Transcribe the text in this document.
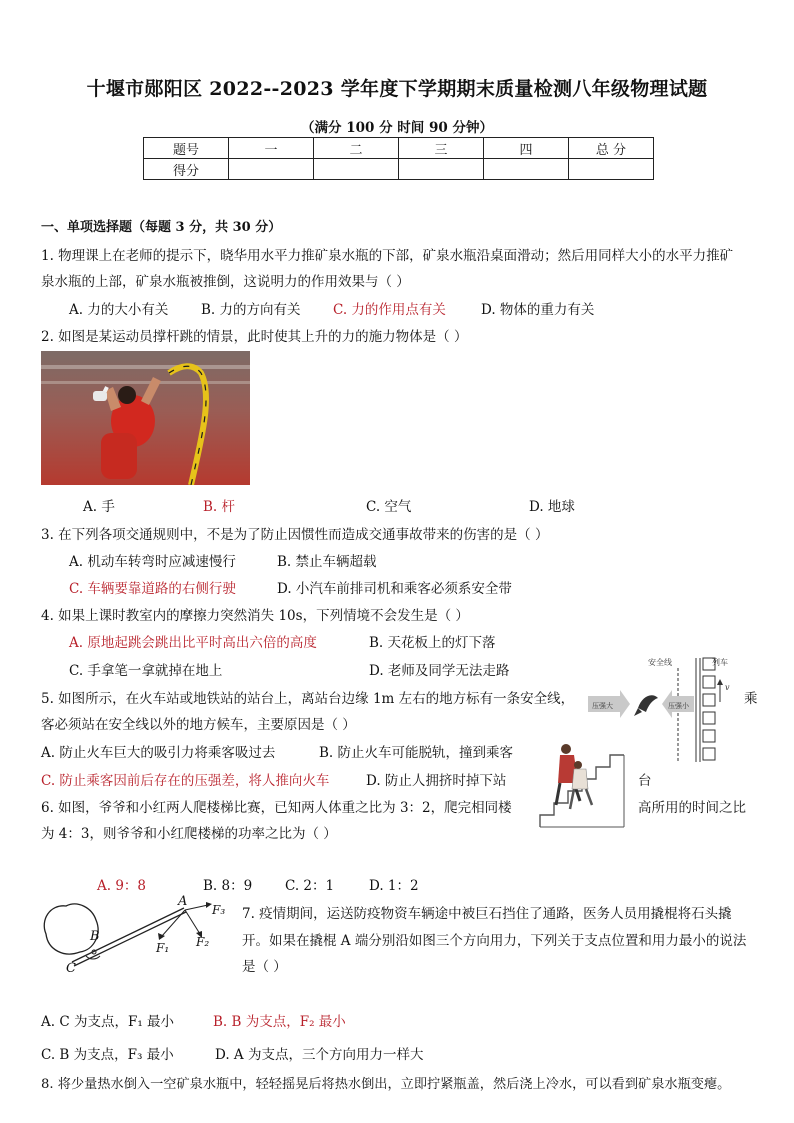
十堰市郧阳区 2022--2023 学年度下学期期末质量检测八年级物理试题
（满分 100 分 时间 90 分钟）
题号	一	二	三	四	总 分
得分					
一、单项选择题（每题 3 分，共 30 分）
1. 物理课上在老师的提示下，晓华用水平力推矿泉水瓶的下部，矿泉水瓶沿桌面滑动；然后用同样大小的水平力推矿
泉水瓶的上部，矿泉水瓶被推倒，这说明力的作用效果与（ ）
A. 力的大小有关 B. 力的方向有关 C. 力的作用点有关	D. 物体的重力有关
2. 如图是某运动员撑杆跳的情景，此时使其上升的力的施力物体是（ ）
A. 手	B. 杆	C. 空气	D. 地球
3. 在下列各项交通规则中，不是为了防止因惯性而造成交通事故带来的伤害的是（ ）
A. 机动车转弯时应减速慢行	B. 禁止车辆超载
C. 车辆要靠道路的右侧行驶	D. 小汽车前排司机和乘客必须系安全带
4. 如果上课时教室内的摩擦力突然消失 10s，下列情境不会发生是（ ）
A. 原地起跳会跳出比平时高出六倍的高度	B. 天花板上的灯下落
C. 手拿笔一拿就掉在地上	D. 老师及同学无法走路
安全线	列车
v
压强大	压强小
5. 如图所示，在火车站或地铁站的站台上，离站台边缘 1m 左右的地方标有一条安全线，	乘
客必须站在安全线以外的地方候车，主要原因是（ ）
A. 防止火车巨大的吸引力将乘客吸过去	B. 防止火车可能脱轨，撞到乘客
C. 防止乘客因前后存在的压强差，将人推向火车	D. 防止人拥挤时掉下站	台
6. 如图，爷爷和小红两人爬楼梯比赛，已知两人体重之比为 3：2，爬完相同楼	高所用的时间之比
为 4：3，则爷爷和小红爬楼梯的功率之比为（ ）
A. 9：8	B. 8：9 C. 2：1	D. 1：2
A
B
C
F₁ F₂
F₃ 7. 疫情期间，运送防疫物资车辆途中被巨石挡住了通路，医务人员用撬棍将石头撬
开。如果在撬棍 A 端分别沿如图三个方向用力，下列关于支点位置和用力最小的说法
是（ ）
A. C 为支点，F₁ 最小	B. B 为支点，F₂ 最小
C. B 为支点，F₃ 最小	D. A 为支点，三个方向用力一样大
8. 将少量热水倒入一空矿泉水瓶中，轻轻摇晃后将热水倒出，立即拧紧瓶盖，然后浇上冷水，可以看到矿泉水瓶变瘪。
